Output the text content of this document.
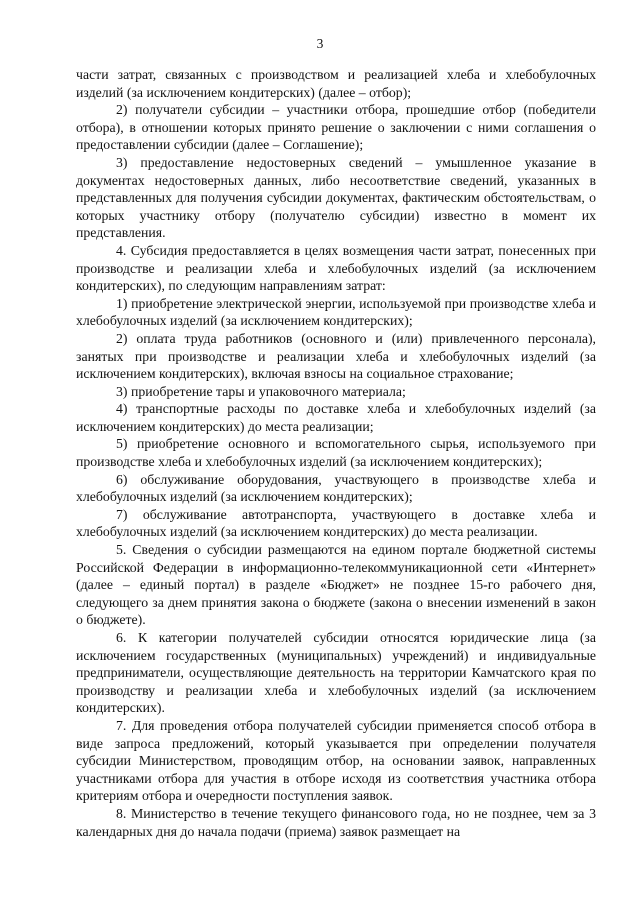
3

части затрат, связанных с производством и реализацией хлеба и хлебобулочных изделий (за исключением кондитерских) (далее – отбор);

2) получатели субсидии – участники отбора, прошедшие отбор (победители отбора), в отношении которых принято решение о заключении с ними соглашения о предоставлении субсидии (далее – Соглашение);

3) предоставление недостоверных сведений – умышленное указание в документах недостоверных данных, либо несоответствие сведений, указанных в представленных для получения субсидии документах, фактическим обстоятельствам, о которых участнику отбору (получателю субсидии) известно в момент их представления.

4. Субсидия предоставляется в целях возмещения части затрат, понесенных при производстве и реализации хлеба и хлебобулочных изделий (за исключением кондитерских), по следующим направлениям затрат:

1) приобретение электрической энергии, используемой при производстве хлеба и хлебобулочных изделий (за исключением кондитерских);

2) оплата труда работников (основного и (или) привлеченного персонала), занятых при производстве и реализации хлеба и хлебобулочных изделий (за исключением кондитерских), включая взносы на социальное страхование;

3) приобретение тары и упаковочного материала;

4) транспортные расходы по доставке хлеба и хлебобулочных изделий (за исключением кондитерских) до места реализации;

5) приобретение основного и вспомогательного сырья, используемого при производстве хлеба и хлебобулочных изделий (за исключением кондитерских);

6) обслуживание оборудования, участвующего в производстве хлеба и хлебобулочных изделий (за исключением кондитерских);

7) обслуживание автотранспорта, участвующего в доставке хлеба и хлебобулочных изделий (за исключением кондитерских) до места реализации.

5. Сведения о субсидии размещаются на едином портале бюджетной системы Российской Федерации в информационно-телекоммуникационной сети «Интернет» (далее – единый портал) в разделе «Бюджет» не позднее 15-го рабочего дня, следующего за днем принятия закона о бюджете (закона о внесении изменений в закон о бюджете).

6. К категории получателей субсидии относятся юридические лица (за исключением государственных (муниципальных) учреждений) и индивидуальные предприниматели, осуществляющие деятельность на территории Камчатского края по производству и реализации хлеба и хлебобулочных изделий (за исключением кондитерских).

7. Для проведения отбора получателей субсидии применяется способ отбора в виде запроса предложений, который указывается при определении получателя субсидии Министерством, проводящим отбор, на основании заявок, направленных участниками отбора для участия в отборе исходя из соответствия участника отбора критериям отбора и очередности поступления заявок.

8. Министерство в течение текущего финансового года, но не позднее, чем за 3 календарных дня до начала подачи (приема) заявок размещает на
